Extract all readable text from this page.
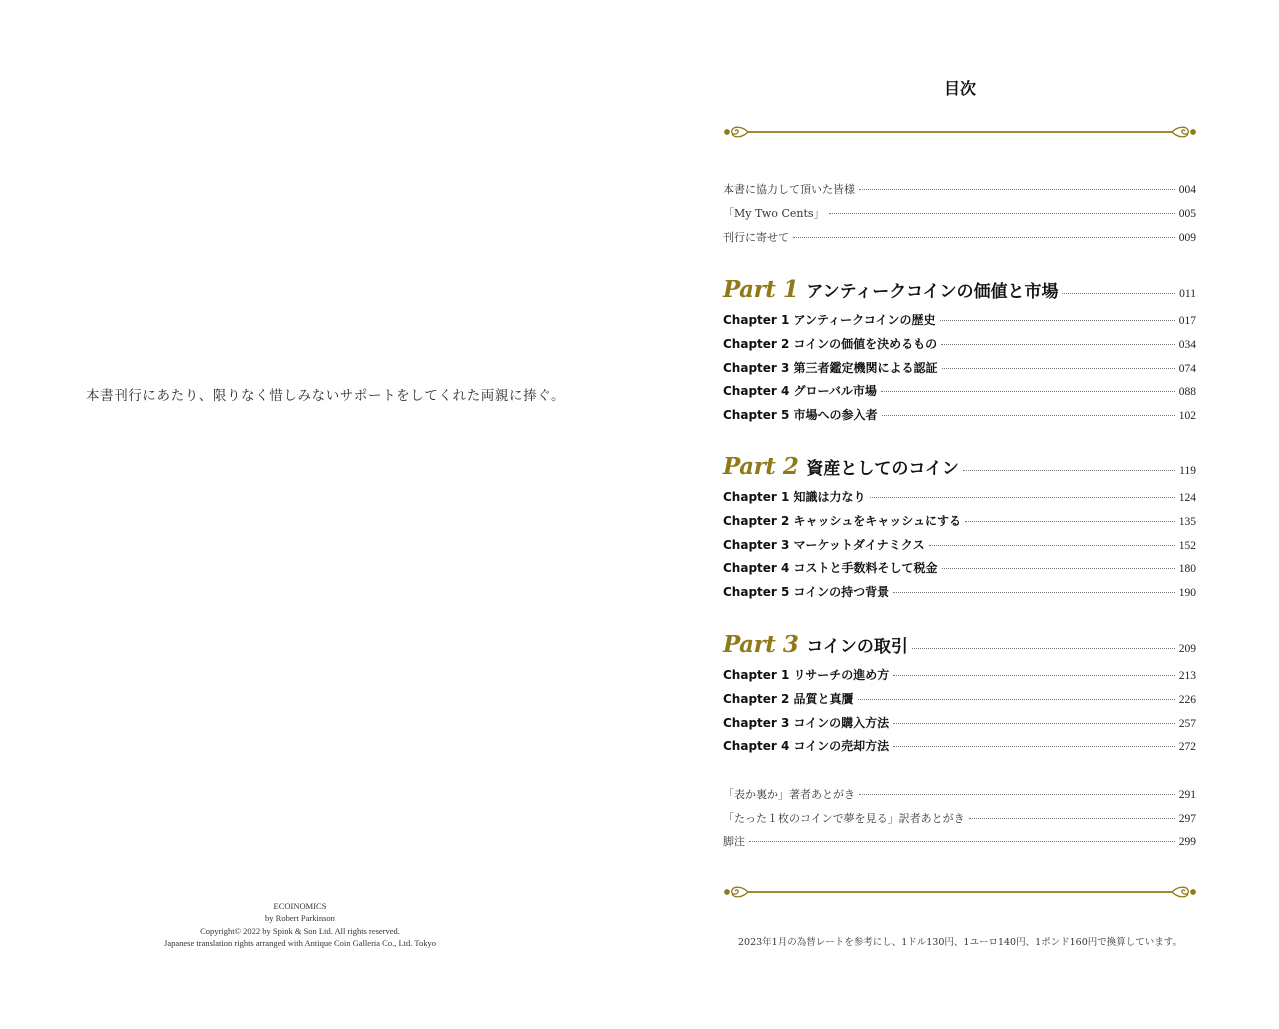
本書刊行にあたり、限りなく惜しみないサポートをしてくれた両親に捧ぐ。
ECOINOMICS
by Robert Parkinson
Copyright© 2022 by Spink & Son Ltd. All rights reserved.
Japanese translation rights arranged with Antique Coin Galleria Co., Ltd. Tokyo
目次
本書に協力して頂いた皆様	004
「My Two Cents」	005
刊行に寄せて	009
Part 1 アンティークコインの価値と市場	011
Chapter 1 アンティークコインの歴史	017
Chapter 2 コインの価値を決めるもの	034
Chapter 3 第三者鑑定機関による認証	074
Chapter 4 グローバル市場	088
Chapter 5 市場への参入者	102
Part 2 資産としてのコイン	119
Chapter 1 知識は力なり	124
Chapter 2 キャッシュをキャッシュにする	135
Chapter 3 マーケットダイナミクス	152
Chapter 4 コストと手数料そして税金	180
Chapter 5 コインの持つ背景	190
Part 3 コインの取引	209
Chapter 1 リサーチの進め方	213
Chapter 2 品質と真贋	226
Chapter 3 コインの購入方法	257
Chapter 4 コインの売却方法	272
「表か裏か」著者あとがき	291
「たった１枚のコインで夢を見る」訳者あとがき	297
脚注	299
2023年1月の為替レートを参考にし、1ドル130円、1ユーロ140円、1ポンド160円で換算しています。
